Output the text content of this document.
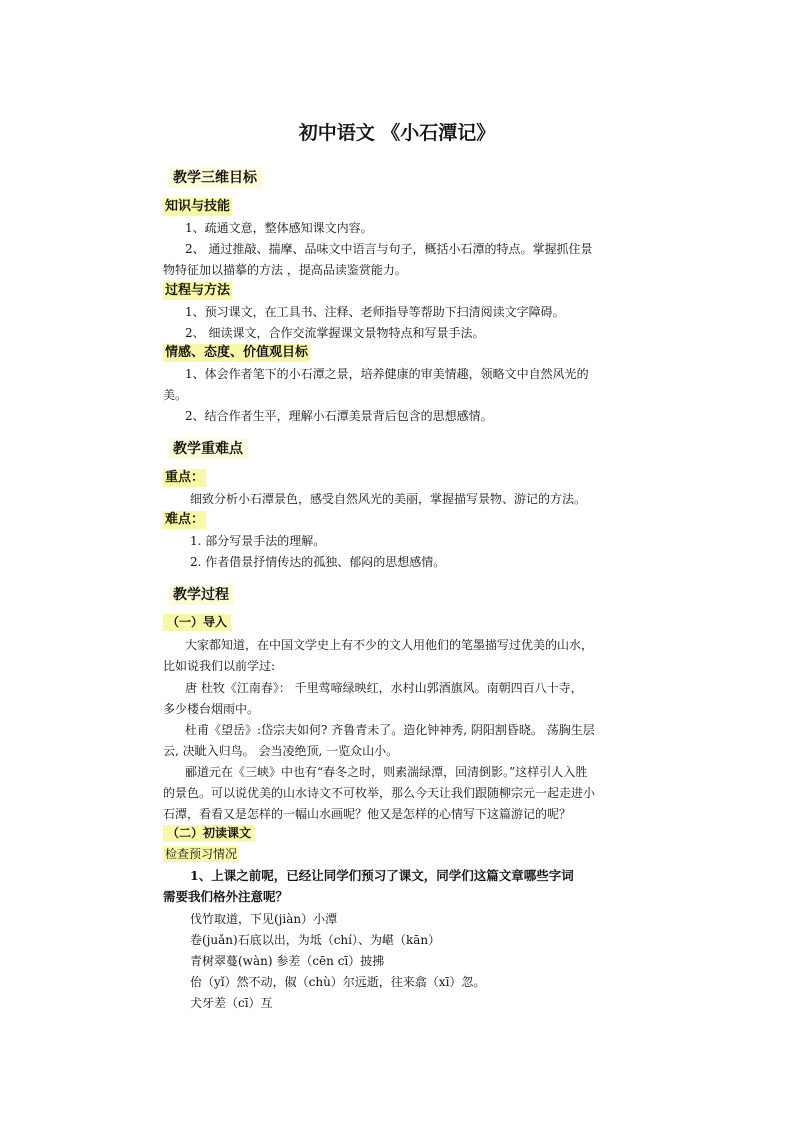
初中语文 《小石潭记》
教学三维目标
知识与技能
1、疏通文意，整体感知课文内容。
2、 通过推敲、揣摩、品味文中语言与句子，概括小石潭的特点。掌握抓住景
物特征加以描摹的方法 ，提高品读鉴赏能力。
过程与方法
1、预习课文，在工具书、注释、老师指导等帮助下扫清阅读文字障碍。
2、 细读课文，合作交流掌握课文景物特点和写景手法。
情感、态度、价值观目标
1、体会作者笔下的小石潭之景，培养健康的审美情趣，领略文中自然风光的
美。
2、结合作者生平，理解小石潭美景背后包含的思想感情。
教学重难点
重点：
细致分析小石潭景色，感受自然风光的美丽，掌握描写景物、游记的方法。
难点：
1. 部分写景手法的理解。
2. 作者借景抒情传达的孤独、郁闷的思想感情。
教学过程
（一）导入
大家都知道，在中国文学史上有不少的文人用他们的笔墨描写过优美的山水，
比如说我们以前学过:
唐 杜牧《江南春》： 千里莺啼绿映红，水村山郭酒旗风。南朝四百八十寺，
多少楼台烟雨中。
杜甫《望岳》:岱宗夫如何? 齐鲁青未了。造化钟神秀, 阴阳割昏晓。 荡胸生层
云, 决眦入归鸟。 会当凌绝顶, 一览众山小。
郦道元在《三峡》中也有“春冬之时，则素湍绿潭，回清倒影。”这样引人入胜
的景色。可以说优美的山水诗文不可枚举，那么今天让我们跟随柳宗元一起走进小
石潭，看看又是怎样的一幅山水画呢？他又是怎样的心情写下这篇游记的呢？
（二）初读课文
检查预习情况
1、上课之前呢，已经让同学们预习了课文，同学们这篇文章哪些字词
需要我们格外注意呢？
伐竹取道，下见(jiàn）小潭
卷(juǎn)石底以出，为坻（chí）、为嵁（kān）
青树翠蔓(wàn) 参差（cēn cī）披拂
佁（yǐ）然不动，俶（chù）尔远逝，往来翕（xī）忽。
犬牙差（cī）互
